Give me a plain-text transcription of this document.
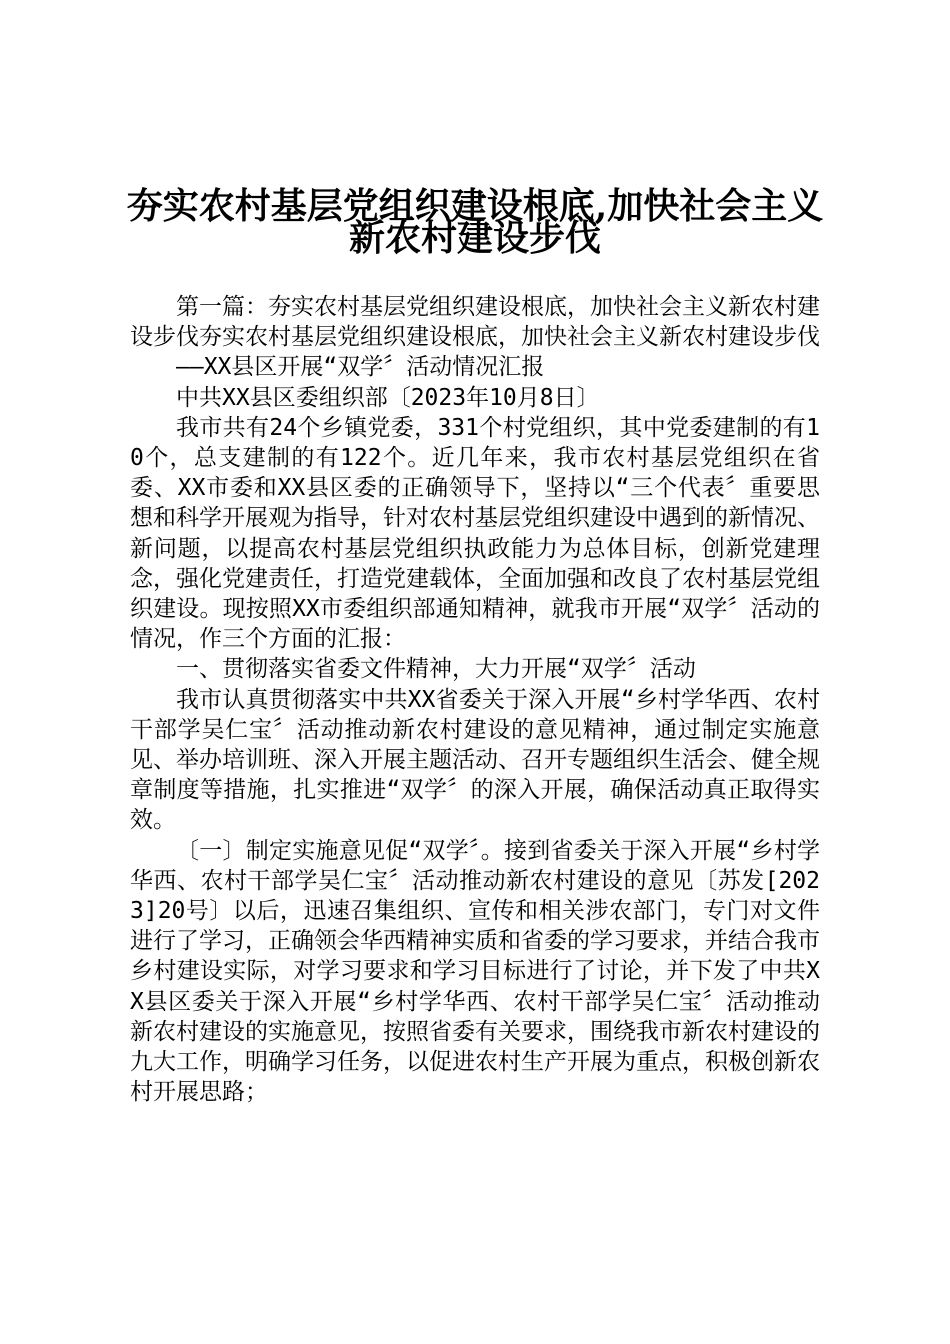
夯实农村基层党组织建设根底,加快社会主义
新农村建设步伐

第一篇：夯实农村基层党组织建设根底，加快社会主义新农村建设步伐夯实农村基层党组织建设根底，加快社会主义新农村建设步伐

——XX县区开展“双学〞活动情况汇报

中共XX县区委组织部〔2023年10月8日〕

我市共有24个乡镇党委，331个村党组织，其中党委建制的有10个，总支建制的有122个。近几年来，我市农村基层党组织在省委、XX市委和XX县区委的正确领导下，坚持以“三个代表〞重要思想和科学开展观为指导，针对农村基层党组织建设中遇到的新情况、新问题，以提高农村基层党组织执政能力为总体目标，创新党建理念，强化党建责任，打造党建载体，全面加强和改良了农村基层党组织建设。现按照XX市委组织部通知精神，就我市开展“双学〞活动的情况，作三个方面的汇报：

一、贯彻落实省委文件精神，大力开展“双学〞活动

我市认真贯彻落实中共XX省委关于深入开展“乡村学华西、农村干部学吴仁宝〞活动推动新农村建设的意见精神，通过制定实施意见、举办培训班、深入开展主题活动、召开专题组织生活会、健全规章制度等措施，扎实推进“双学〞的深入开展，确保活动真正取得实效。

〔一〕制定实施意见促“双学〞。接到省委关于深入开展“乡村学华西、农村干部学吴仁宝〞活动推动新农村建设的意见〔苏发[2023]20号〕以后，迅速召集组织、宣传和相关涉农部门，专门对文件进行了学习，正确领会华西精神实质和省委的学习要求，并结合我市乡村建设实际，对学习要求和学习目标进行了讨论，并下发了中共XX县区委关于深入开展“乡村学华西、农村干部学吴仁宝〞活动推动新农村建设的实施意见，按照省委有关要求，围绕我市新农村建设的九大工作，明确学习任务，以促进农村生产开展为重点，积极创新农村开展思路；
